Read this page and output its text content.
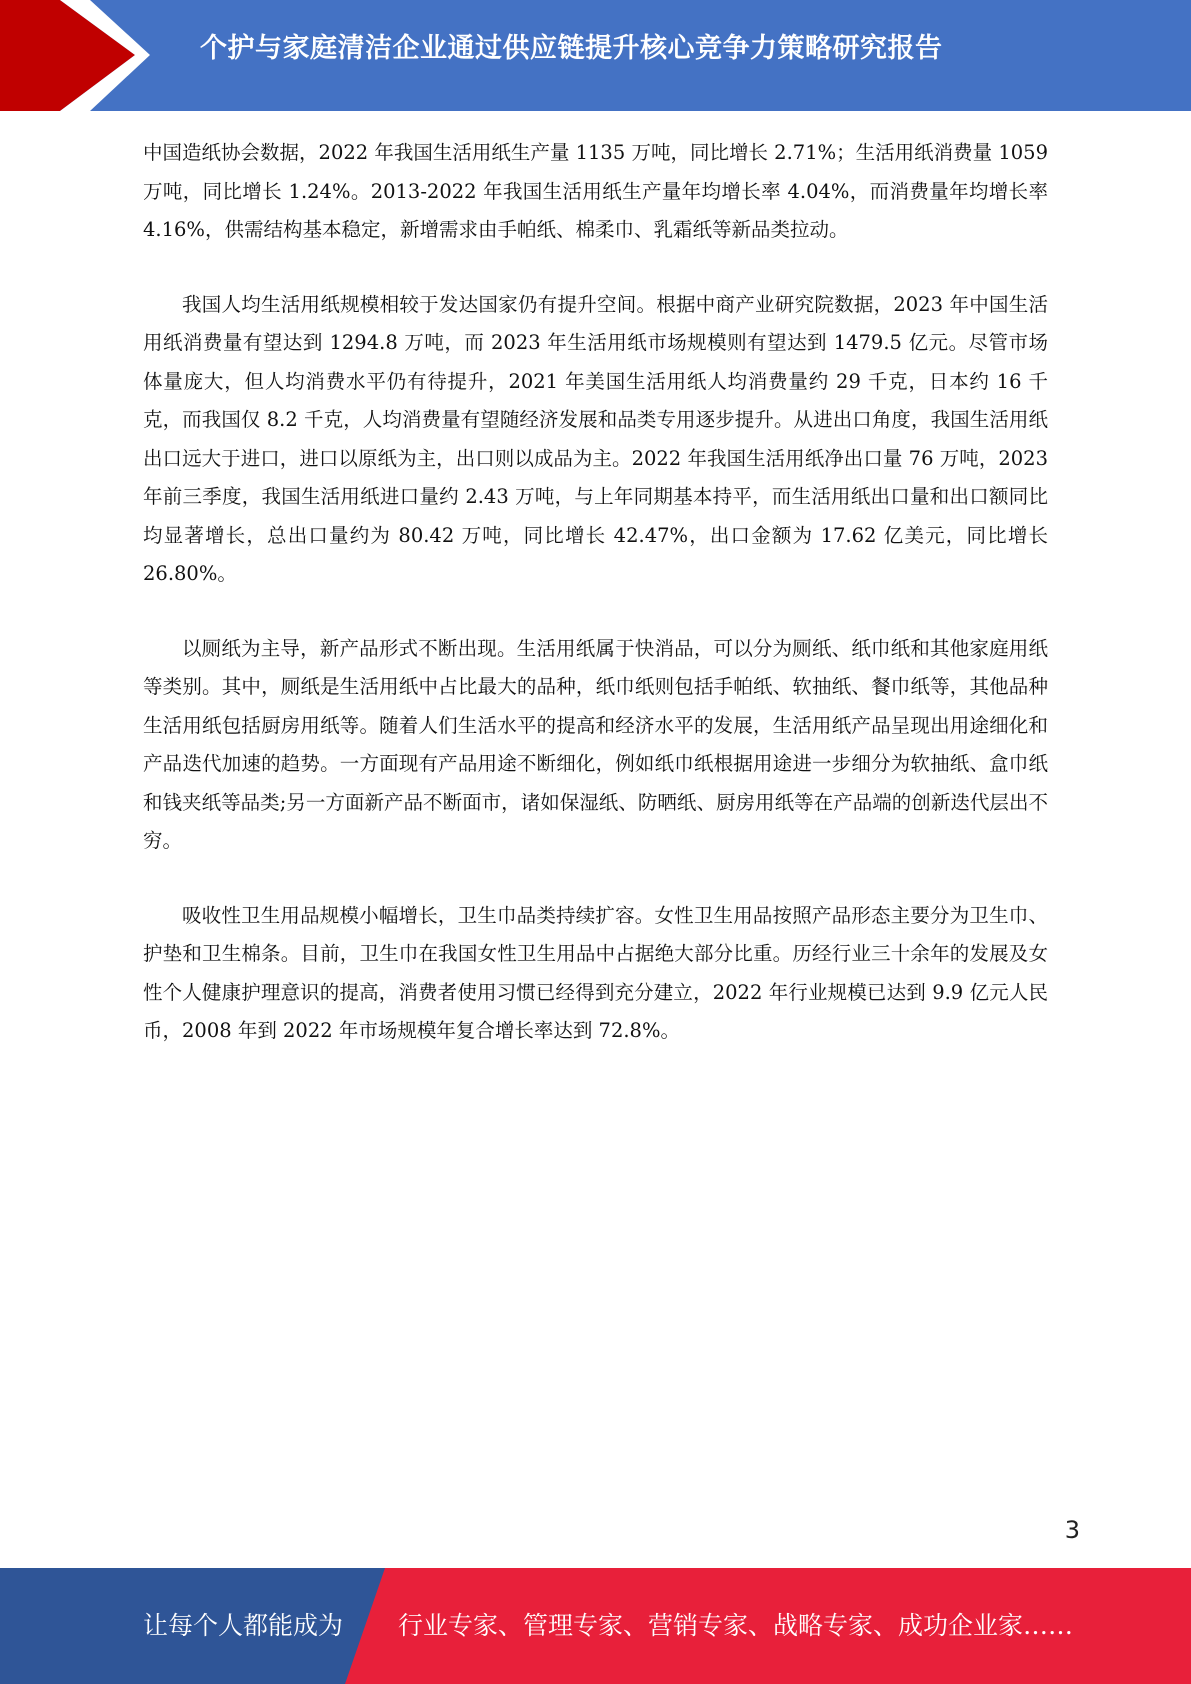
个护与家庭清洁企业通过供应链提升核心竞争力策略研究报告

中国造纸协会数据，2022 年我国生活用纸生产量 1135 万吨，同比增长 2.71%；生活用纸消费量 1059 万吨，同比增长 1.24%。2013-2022 年我国生活用纸生产量年均增长率 4.04%，而消费量年均增长率 4.16%，供需结构基本稳定，新增需求由手帕纸、棉柔巾、乳霜纸等新品类拉动。

我国人均生活用纸规模相较于发达国家仍有提升空间。根据中商产业研究院数据，2023 年中国生活用纸消费量有望达到 1294.8 万吨，而 2023 年生活用纸市场规模则有望达到 1479.5 亿元。尽管市场体量庞大，但人均消费水平仍有待提升，2021 年美国生活用纸人均消费量约 29 千克，日本约 16 千克，而我国仅 8.2 千克，人均消费量有望随经济发展和品类专用逐步提升。从进出口角度，我国生活用纸出口远大于进口，进口以原纸为主，出口则以成品为主。2022 年我国生活用纸净出口量 76 万吨，2023 年前三季度，我国生活用纸进口量约 2.43 万吨，与上年同期基本持平，而生活用纸出口量和出口额同比均显著增长，总出口量约为 80.42 万吨，同比增长 42.47%，出口金额为 17.62 亿美元，同比增长 26.80%。

以厕纸为主导，新产品形式不断出现。生活用纸属于快消品，可以分为厕纸、纸巾纸和其他家庭用纸等类别。其中，厕纸是生活用纸中占比最大的品种，纸巾纸则包括手帕纸、软抽纸、餐巾纸等，其他品种生活用纸包括厨房用纸等。随着人们生活水平的提高和经济水平的发展，生活用纸产品呈现出用途细化和产品迭代加速的趋势。一方面现有产品用途不断细化，例如纸巾纸根据用途进一步细分为软抽纸、盒巾纸和钱夹纸等品类;另一方面新产品不断面市，诸如保湿纸、防晒纸、厨房用纸等在产品端的创新迭代层出不穷。

吸收性卫生用品规模小幅增长，卫生巾品类持续扩容。女性卫生用品按照产品形态主要分为卫生巾、护垫和卫生棉条。目前，卫生巾在我国女性卫生用品中占据绝大部分比重。历经行业三十余年的发展及女性个人健康护理意识的提高，消费者使用习惯已经得到充分建立，2022 年行业规模已达到 9.9 亿元人民币，2008 年到 2022 年市场规模年复合增长率达到 72.8%。

3
让每个人都能成为 行业专家、管理专家、营销专家、战略专家、成功企业家……
